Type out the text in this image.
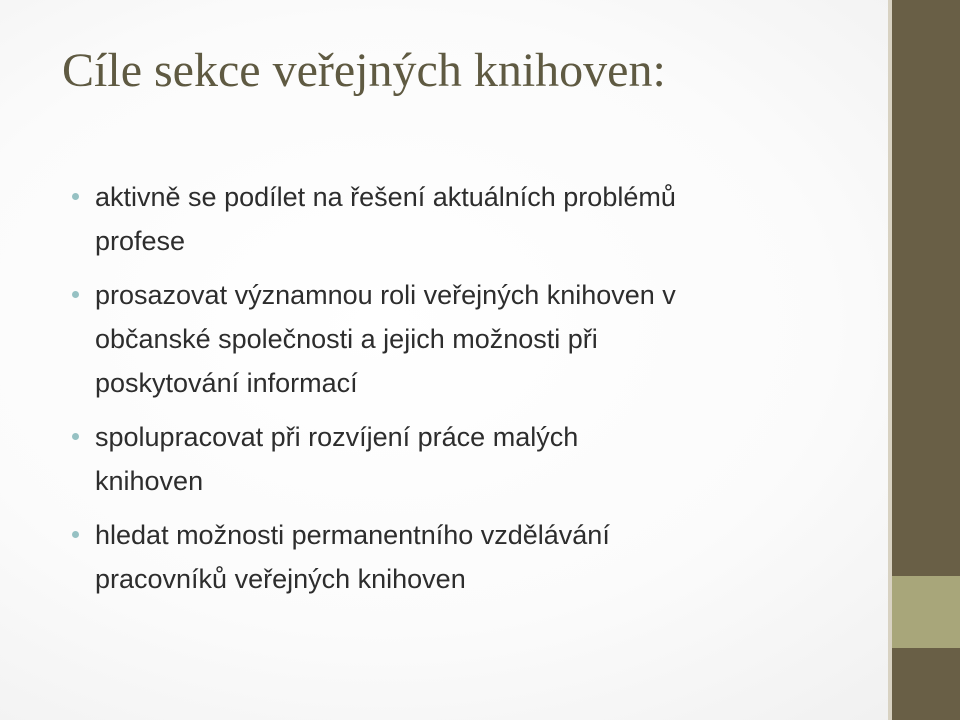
Cíle sekce veřejných knihoven:
aktivně se podílet na řešení aktuálních problémů
profese
prosazovat významnou roli veřejných knihoven v
občanské společnosti a jejich možnosti při
poskytování informací
spolupracovat při rozvíjení práce malých
knihoven
hledat možnosti permanentního vzdělávání
pracovníků veřejných knihoven
